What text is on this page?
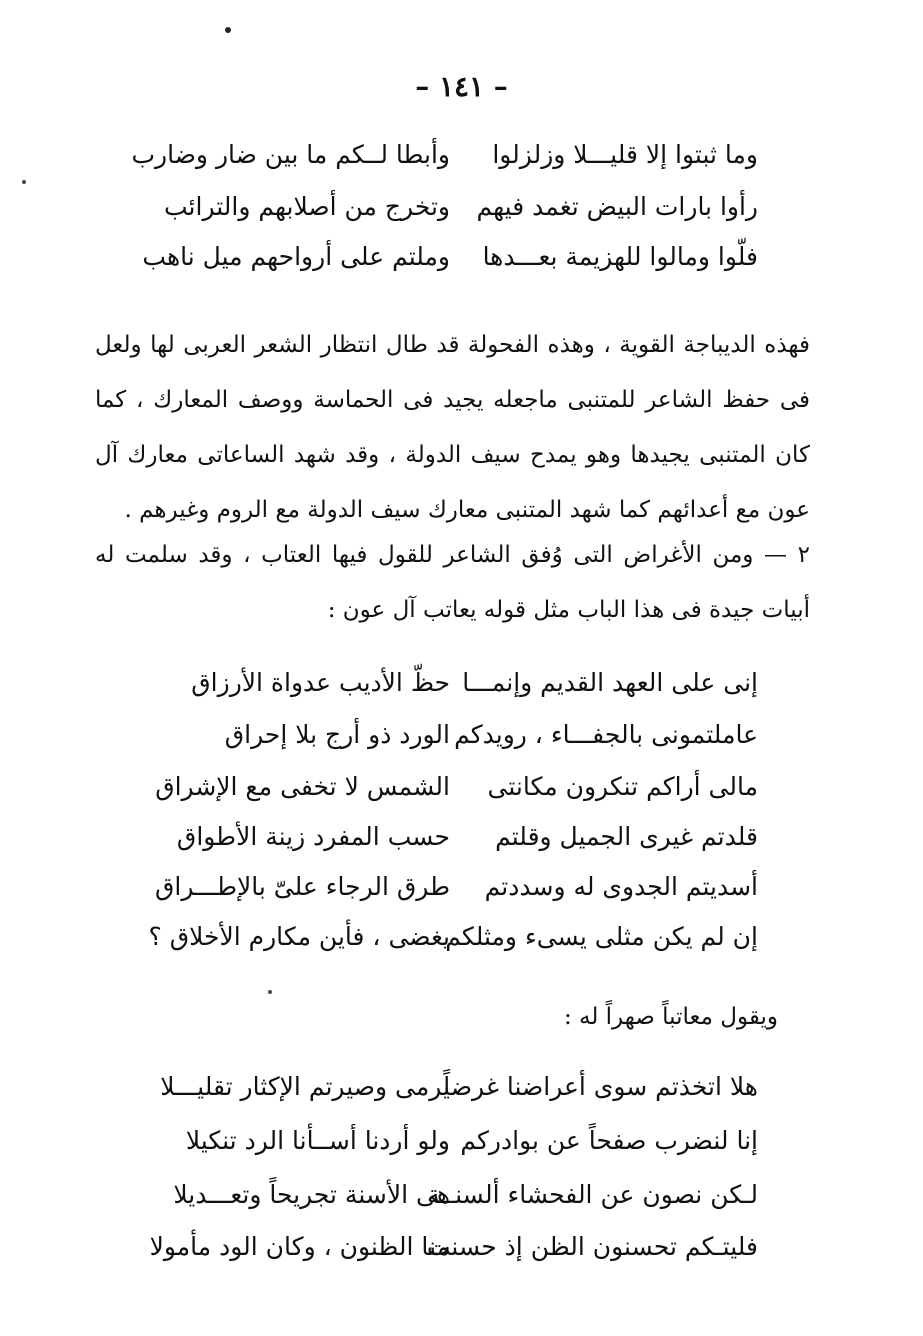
– ١٤١ –
وما ثبتوا إلا قليـــلا وزلزلوا
وأبطا لــكم ما بين ضار وضارب
رأوا بارات البيض تغمد فيهم
وتخرج من أصلابهم والترائب
فلّوا ومالوا للهزيمة بعـــدها
وملتم على أرواحهم ميل ناهب

فهذه الديباجة القوية ، وهذه الفحولة قد طال انتظار الشعر العربى لها ولعل فى حفظ الشاعر للمتنبى ماجعله يجيد فى الحماسة ووصف المعارك ، كما كان المتنبى يجيدها وهو يمدح سيف الدولة ، وقد شهد الساعاتى معارك آل عون مع أعدائهم كما شهد المتنبى معارك سيف الدولة مع الروم وغيرهم .

٢ — ومن الأغراض التى وُفق الشاعر للقول فيها العتاب ، وقد سلمت له أبيات جيدة فى هذا الباب مثل قوله يعاتب آل عون :

إنى على العهد القديم وإنمـــا
حظّ الأديب عدواة الأرزاق
عاملتمونى بالجفـــاء ، رويدكم
الورد ذو أرج بلا إحراق
مالى أراكم تنكرون مكانتى
الشمس لا تخفى مع الإشراق
قلدتم غيرى الجميل وقلتم
حسب المفرد زينة الأطواق
أسديتم الجدوى له وسددتم
طرق الرجاء علىّ بالإطـــراق
إن لم يكن مثلى يسىء ومثلكم
يغضى ، فأين مكارم الأخلاق ؟
ويقول معاتباً صهراً له :
هلا اتخذتم سوى أعراضنا غرضاً
يرمى وصيرتم الإكثار تقليـــلا
إنا لنضرب صفحاً عن بوادركم
ولو أردنا أســأنا الرد تنكيلا
لـكن نصون عن الفحشاء ألسنــة
هى الأسنة تجريحاً وتعـــديلا
فليتـكم تحسنون الظن إذ حسنت
منا الظنون ، وكان الود مأمولا
